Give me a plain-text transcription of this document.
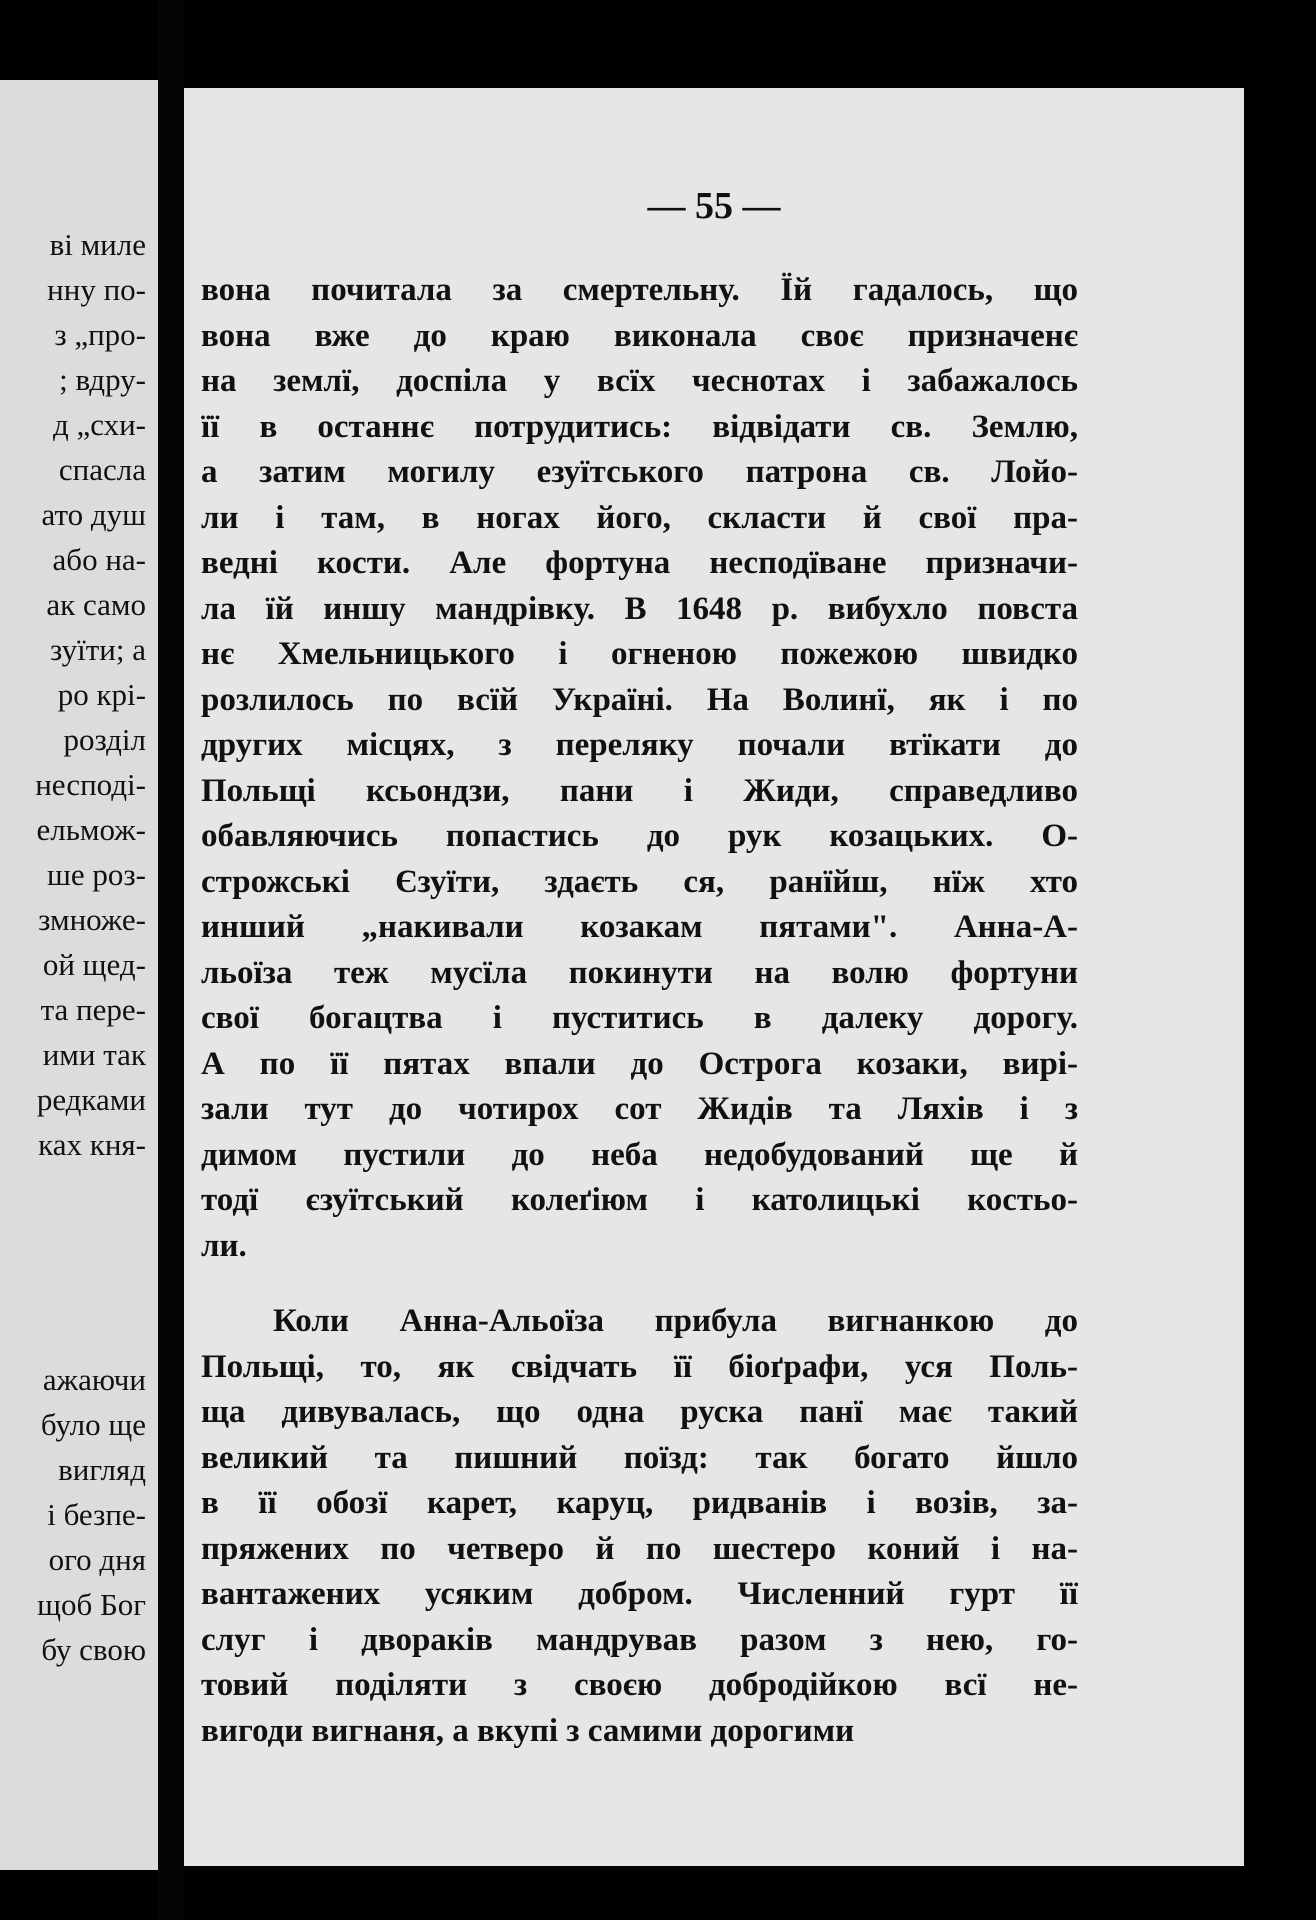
ві миле
нну по-
з „про-
; вдру-
д „схи-
спасла
ато душ
або на-
ак само
зуїти; а
ро крі-
розділ
несподі-
ельмож-
ше роз-
змноже-
ой щед-
та пере-
ими так
редками
ках кня-
ажаючи
було ще
вигляд
і безпе-
ого дня
щоб Бог
бу свою
— 55 —
вона почитала за смертельну. Їй гадалось, що
вона вже до краю виконала своє призначенє
на землї, доспіла у всїх чеснотах і забажалось
її в останнє потрудитись: відвідати св. Землю,
а затим могилу езуїтського патрона св. Лойо-
ли і там, в ногах його, скласти й свої пра-
ведні кости. Але фортуна несподїване призначи-
ла їй иншу мандрівку. В 1648 р. вибухло повста
нє Хмельницького і огненою пожежою швидко
розлилось по всїй Україні. На Волинї, як і по
других місцях, з переляку почали втїкати до
Польщі ксьондзи, пани і Жиди, справедливо
обавляючись попастись до рук козацьких. О-
строжські Єзуїти, здаєть ся, ранїйш, нїж хто
инший „накивали козакам пятами". Анна-А-
льоїза теж мусїла покинути на волю фортуни
свої богацтва і пуститись в далеку дорогу.
А по її пятах впали до Острога козаки, вирі-
зали тут до чотирох сот Жидів та Ляхів і з
димом пустили до неба недобудований ще й
тодї єзуїтський колеґіюм і католицькі костьо-
ли.
Коли Анна-Альоїза прибула вигнанкою до
Польщі, то, як свідчать її біоґрафи, уся Поль-
ща дивувалась, що одна руска панї має такий
великий та пишний поїзд: так богато йшло
в її обозї карет, каруц, ридванів і возів, за-
пряжених по четверо й по шестеро коний і на-
вантажених усяким добром. Численний гурт її
слуг і двораків мандрував разом з нею, го-
товий поділяти з своєю добродійкою всї не-
вигоди вигнаня, а вкупі з самими дорогими
